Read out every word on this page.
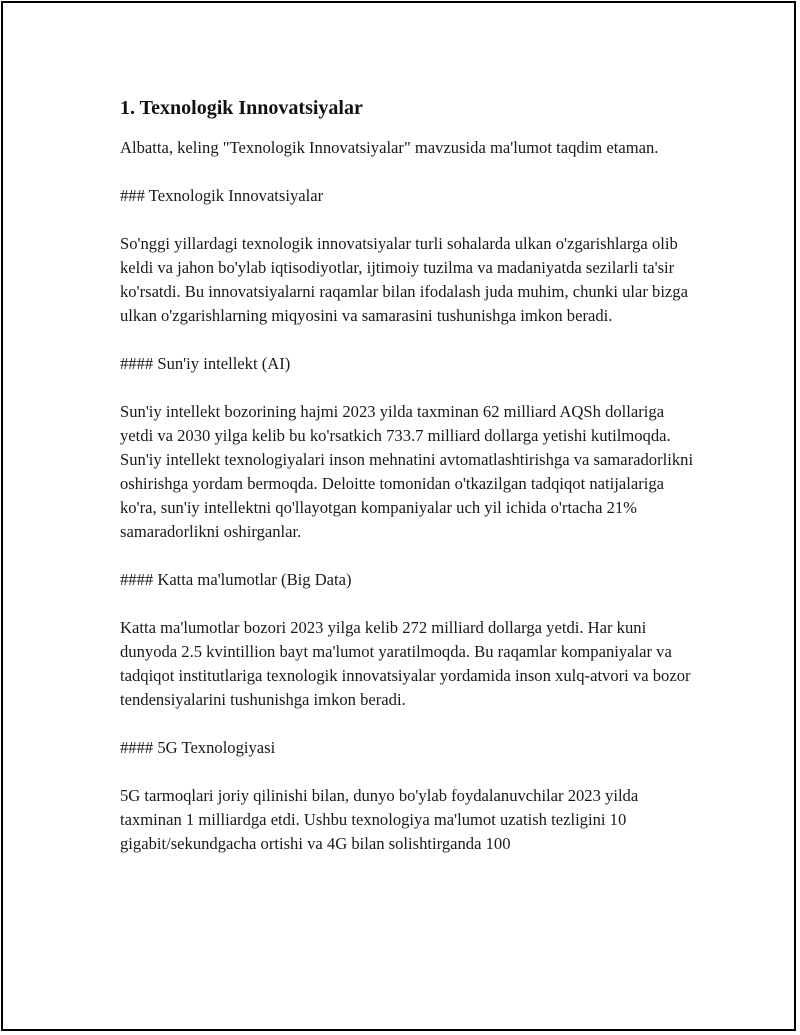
1. Texnologik Innovatsiyalar

Albatta, keling "Texnologik Innovatsiyalar" mavzusida ma'lumot taqdim etaman.

### Texnologik Innovatsiyalar

So'nggi yillardagi texnologik innovatsiyalar turli sohalarda ulkan o'zgarishlarga olib keldi va jahon bo'ylab iqtisodiyotlar, ijtimoiy tuzilma va madaniyatda sezilarli ta'sir ko'rsatdi. Bu innovatsiyalarni raqamlar bilan ifodalash juda muhim, chunki ular bizga ulkan o'zgarishlarning miqyosini va samarasini tushunishga imkon beradi.

#### Sun'iy intellekt (AI)

Sun'iy intellekt bozorining hajmi 2023 yilda taxminan 62 milliard AQSh dollariga yetdi va 2030 yilga kelib bu ko'rsatkich 733.7 milliard dollarga yetishi kutilmoqda. Sun'iy intellekt texnologiyalari inson mehnatini avtomatlashtirishga va samaradorlikni oshirishga yordam bermoqda. Deloitte tomonidan o'tkazilgan tadqiqot natijalariga ko'ra, sun'iy intellektni qo'llayotgan kompaniyalar uch yil ichida o'rtacha 21% samaradorlikni oshirganlar.

#### Katta ma'lumotlar (Big Data)

Katta ma'lumotlar bozori 2023 yilga kelib 272 milliard dollarga yetdi. Har kuni dunyoda 2.5 kvintillion bayt ma'lumot yaratilmoqda. Bu raqamlar kompaniyalar va tadqiqot institutlariga texnologik innovatsiyalar yordamida inson xulq-atvori va bozor tendensiyalarini tushunishga imkon beradi.

#### 5G Texnologiyasi

5G tarmoqlari joriy qilinishi bilan, dunyo bo'ylab foydalanuvchilar 2023 yilda taxminan 1 milliardga etdi. Ushbu texnologiya ma'lumot uzatish tezligini 10 gigabit/sekundgacha ortishi va 4G bilan solishtirganda 100
